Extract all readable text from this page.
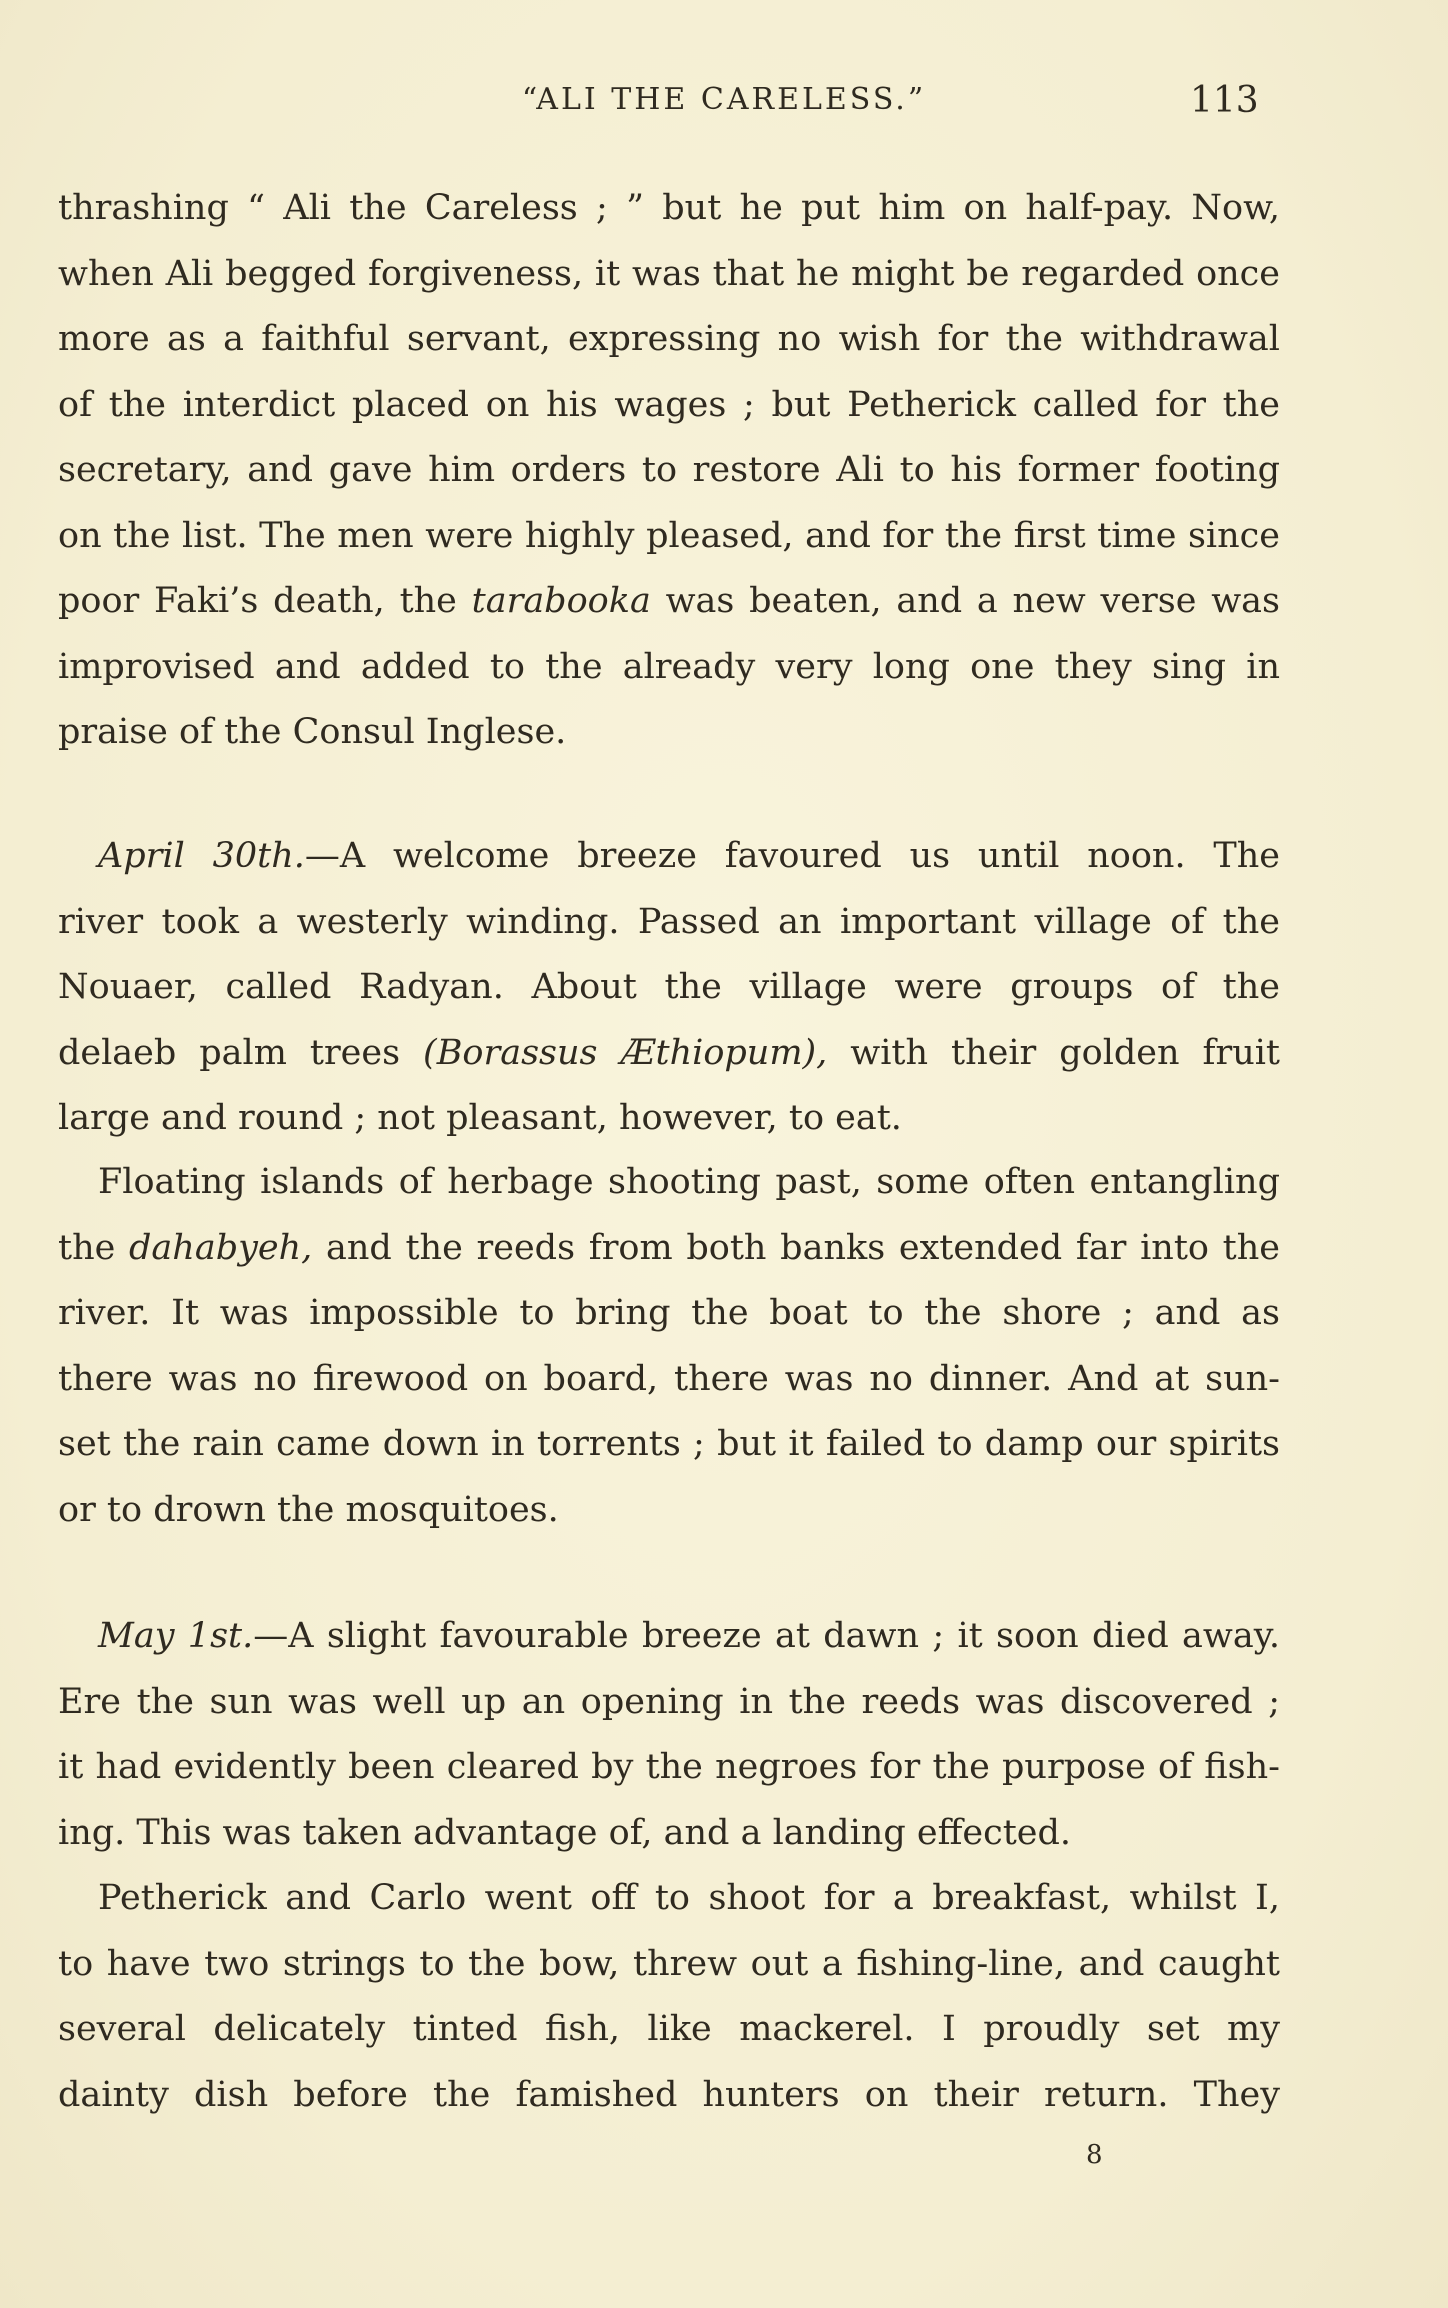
“ALI THE CARELESS.”	113
thrashing “ Ali the Careless ; ” but he put him on half-pay. Now,
when Ali begged forgiveness, it was that he might be regarded once
more as a faithful servant, expressing no wish for the withdrawal
of the interdict placed on his wages ; but Petherick called for the
secretary, and gave him orders to restore Ali to his former footing
on the list. The men were highly pleased, and for the first time since
poor Faki’s death, the tarabooka was beaten, and a new verse was
improvised and added to the already very long one they sing in
praise of the Consul Inglese.
April 30th.—A welcome breeze favoured us until noon. The
river took a westerly winding. Passed an important village of the
Nouaer, called Radyan. About the village were groups of the
delaeb palm trees (Borassus Æthiopum), with their golden fruit
large and round ; not pleasant, however, to eat.
Floating islands of herbage shooting past, some often entangling
the dahabyeh, and the reeds from both banks extended far into the
river. It was impossible to bring the boat to the shore ; and as
there was no firewood on board, there was no dinner. And at sun-
set the rain came down in torrents ; but it failed to damp our spirits
or to drown the mosquitoes.
May 1st.—A slight favourable breeze at dawn ; it soon died away.
Ere the sun was well up an opening in the reeds was discovered ;
it had evidently been cleared by the negroes for the purpose of fish-
ing. This was taken advantage of, and a landing effected.
Petherick and Carlo went off to shoot for a breakfast, whilst I,
to have two strings to the bow, threw out a fishing-line, and caught
several delicately tinted fish, like mackerel. I proudly set my
dainty dish before the famished hunters on their return. They
8
